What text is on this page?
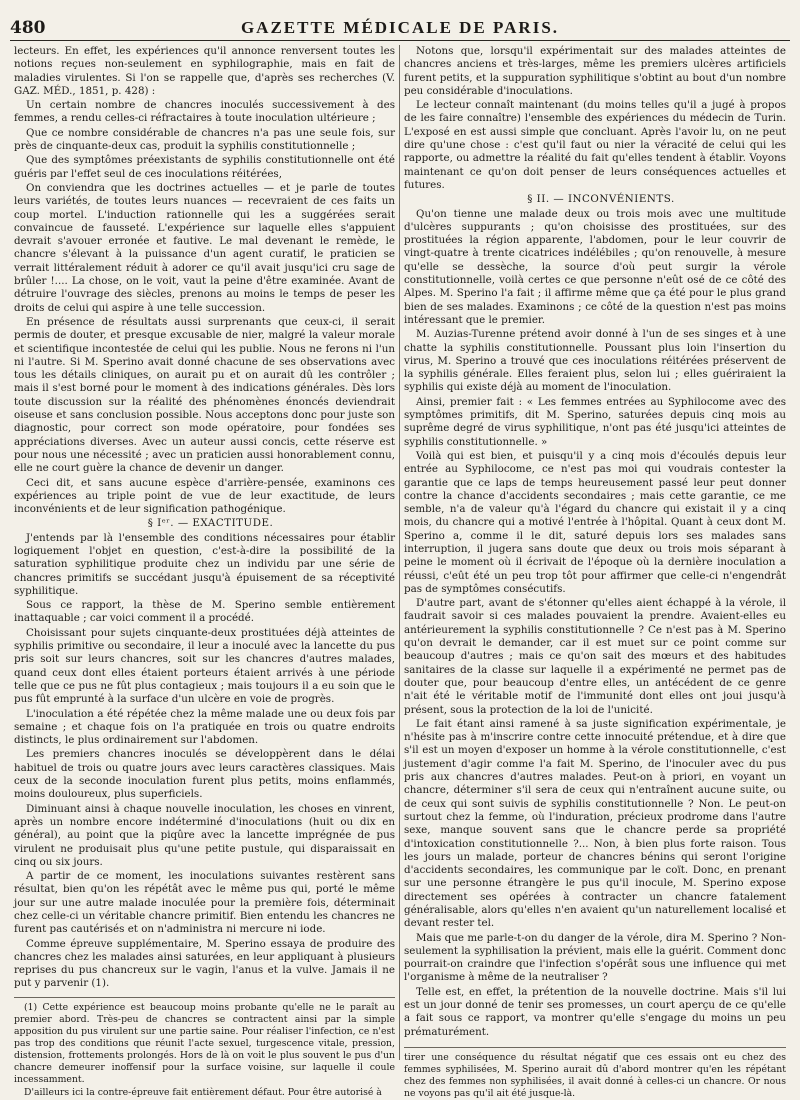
480	GAZETTE MÉDICALE DE PARIS.

lecteurs. En effet, les expériences qu'il annonce renversent toutes les notions reçues non-seulement en syphilographie, mais en fait de maladies virulentes. Si l'on se rappelle que, d'après ses recherches (V. GAZ. MÉD., 1851, p. 428) :

Un certain nombre de chancres inoculés successivement à des femmes, a rendu celles-ci réfractaires à toute inoculation ultérieure ;

Que ce nombre considérable de chancres n'a pas une seule fois, sur près de cinquante-deux cas, produit la syphilis constitutionnelle ;

Que des symptômes préexistants de syphilis constitutionnelle ont été guéris par l'effet seul de ces inoculations réitérées,

On conviendra que les doctrines actuelles — et je parle de toutes leurs variétés, de toutes leurs nuances — recevraient de ces faits un coup mortel. L'induction rationnelle qui les a suggérées serait convaincue de fausseté. L'expérience sur laquelle elles s'appuient devrait s'avouer erronée et fautive. Le mal devenant le remède, le chancre s'élevant à la puissance d'un agent curatif, le praticien se verrait littéralement réduit à adorer ce qu'il avait jusqu'ici cru sage de brûler !.... La chose, on le voit, vaut la peine d'être examinée. Avant de détruire l'ouvrage des siècles, prenons au moins le temps de peser les droits de celui qui aspire à une telle succession.

En présence de résultats aussi surprenants que ceux-ci, il serait permis de douter, et presque excusable de nier, malgré la valeur morale et scientifique incontestée de celui qui les publie. Nous ne ferons ni l'un ni l'autre. Si M. Sperino avait donné chacune de ses observations avec tous les détails cliniques, on aurait pu et on aurait dû les contrôler ; mais il s'est borné pour le moment à des indications générales. Dès lors toute discussion sur la réalité des phénomènes énoncés deviendrait oiseuse et sans conclusion possible. Nous acceptons donc pour juste son diagnostic, pour correct son mode opératoire, pour fondées ses appréciations diverses. Avec un auteur aussi concis, cette réserve est pour nous une nécessité ; avec un praticien aussi honorablement connu, elle ne court guère la chance de devenir un danger.

Ceci dit, et sans aucune espèce d'arrière-pensée, examinons ces expériences au triple point de vue de leur exactitude, de leurs inconvénients et de leur signification pathogénique.

§ Iᵉʳ. — EXACTITUDE.

J'entends par là l'ensemble des conditions nécessaires pour établir logiquement l'objet en question, c'est-à-dire la possibilité de la saturation syphilitique produite chez un individu par une série de chancres primitifs se succédant jusqu'à épuisement de sa réceptivité syphilitique.

Sous ce rapport, la thèse de M. Sperino semble entièrement inattaquable ; car voici comment il a procédé.

Choisissant pour sujets cinquante-deux prostituées déjà atteintes de syphilis primitive ou secondaire, il leur a inoculé avec la lancette du pus pris soit sur leurs chancres, soit sur les chancres d'autres malades, quand ceux dont elles étaient porteurs étaient arrivés à une période telle que ce pus ne fût plus contagieux ; mais toujours il a eu soin que le pus fût emprunté à la surface d'un ulcère en voie de progrès.

L'inoculation a été répétée chez la même malade une ou deux fois par semaine ; et chaque fois on l'a pratiquée en trois ou quatre endroits distincts, le plus ordinairement sur l'abdomen.

Les premiers chancres inoculés se développèrent dans le délai habituel de trois ou quatre jours avec leurs caractères classiques. Mais ceux de la seconde inoculation furent plus petits, moins enflammés, moins douloureux, plus superficiels.

Diminuant ainsi à chaque nouvelle inoculation, les choses en vinrent, après un nombre encore indéterminé d'inoculations (huit ou dix en général), au point que la piqûre avec la lancette imprégnée de pus virulent ne produisait plus qu'une petite pustule, qui disparaissait en cinq ou six jours.

A partir de ce moment, les inoculations suivantes restèrent sans résultat, bien qu'on les répétât avec le même pus qui, porté le même jour sur une autre malade inoculée pour la première fois, déterminait chez celle-ci un véritable chancre primitif. Bien entendu les chancres ne furent pas cautérisés et on n'administra ni mercure ni iode.

Comme épreuve supplémentaire, M. Sperino essaya de produire des chancres chez les malades ainsi saturées, en leur appliquant à plusieurs reprises du pus chancreux sur le vagin, l'anus et la vulve. Jamais il ne put y parvenir (1).

(1) Cette expérience est beaucoup moins probante qu'elle ne le paraît au premier abord. Très-peu de chancres se contractent ainsi par la simple apposition du pus virulent sur une partie saine. Pour réaliser l'infection, ce n'est pas trop des conditions que réunit l'acte sexuel, turgescence vitale, pression, distension, frottements prolongés. Hors de là on voit le plus souvent le pus d'un chancre demeurer inoffensif pour la surface voisine, sur laquelle il coule incessamment.

D'ailleurs ici la contre-épreuve fait entièrement défaut. Pour être autorisé à

Notons que, lorsqu'il expérimentait sur des malades atteintes de chancres anciens et très-larges, même les premiers ulcères artificiels furent petits, et la suppuration syphilitique s'obtint au bout d'un nombre peu considérable d'inoculations.

Le lecteur connaît maintenant (du moins telles qu'il a jugé à propos de les faire connaître) l'ensemble des expériences du médecin de Turin. L'exposé en est aussi simple que concluant. Après l'avoir lu, on ne peut dire qu'une chose : c'est qu'il faut ou nier la véracité de celui qui les rapporte, ou admettre la réalité du fait qu'elles tendent à établir. Voyons maintenant ce qu'on doit penser de leurs conséquences actuelles et futures.

§ II. — INCONVÉNIENTS.

Qu'on tienne une malade deux ou trois mois avec une multitude d'ulcères suppurants ; qu'on choisisse des prostituées, sur des prostituées la région apparente, l'abdomen, pour le leur couvrir de vingt-quatre à trente cicatrices indélébiles ; qu'on renouvelle, à mesure qu'elle se dessèche, la source d'où peut surgir la vérole constitutionnelle, voilà certes ce que personne n'eût osé de ce côté des Alpes. M. Sperino l'a fait ; il affirme même que ça été pour le plus grand bien de ses malades. Examinons ; ce côté de la question n'est pas moins intéressant que le premier.

M. Auzias-Turenne prétend avoir donné à l'un de ses singes et à une chatte la syphilis constitutionnelle. Poussant plus loin l'insertion du virus, M. Sperino a trouvé que ces inoculations réitérées préservent de la syphilis générale. Elles feraient plus, selon lui ; elles guériraient la syphilis qui existe déjà au moment de l'inoculation.

Ainsi, premier fait : « Les femmes entrées au Syphilocome avec des symptômes primitifs, dit M. Sperino, saturées depuis cinq mois au suprême degré de virus syphilitique, n'ont pas été jusqu'ici atteintes de syphilis constitutionnelle. »

Voilà qui est bien, et puisqu'il y a cinq mois d'écoulés depuis leur entrée au Syphilocome, ce n'est pas moi qui voudrais contester la garantie que ce laps de temps heureusement passé leur peut donner contre la chance d'accidents secondaires ; mais cette garantie, ce me semble, n'a de valeur qu'à l'égard du chancre qui existait il y a cinq mois, du chancre qui a motivé l'entrée à l'hôpital. Quant à ceux dont M. Sperino a, comme il le dit, saturé depuis lors ses malades sans interruption, il jugera sans doute que deux ou trois mois séparant à peine le moment où il écrivait de l'époque où la dernière inoculation a réussi, c'eût été un peu trop tôt pour affirmer que celle-ci n'engendrât pas de symptômes consécutifs.

D'autre part, avant de s'étonner qu'elles aient échappé à la vérole, il faudrait savoir si ces malades pouvaient la prendre. Avaient-elles eu antérieurement la syphilis constitutionnelle ? Ce n'est pas à M. Sperino qu'on devrait le demander, car il est muet sur ce point comme sur beaucoup d'autres ; mais ce qu'on sait des mœurs et des habitudes sanitaires de la classe sur laquelle il a expérimenté ne permet pas de douter que, pour beaucoup d'entre elles, un antécédent de ce genre n'ait été le véritable motif de l'immunité dont elles ont joui jusqu'à présent, sous la protection de la loi de l'unicité.

Le fait étant ainsi ramené à sa juste signification expérimentale, je n'hésite pas à m'inscrire contre cette innocuité prétendue, et à dire que s'il est un moyen d'exposer un homme à la vérole constitutionnelle, c'est justement d'agir comme l'a fait M. Sperino, de l'inoculer avec du pus pris aux chancres d'autres malades. Peut-on à priori, en voyant un chancre, déterminer s'il sera de ceux qui n'entraînent aucune suite, ou de ceux qui sont suivis de syphilis constitutionnelle ? Non. Le peut-on surtout chez la femme, où l'induration, précieux prodrome dans l'autre sexe, manque souvent sans que le chancre perde sa propriété d'intoxication constitutionnelle ?... Non, à bien plus forte raison. Tous les jours un malade, porteur de chancres bénins qui seront l'origine d'accidents secondaires, les communique par le coït. Donc, en prenant sur une personne étrangère le pus qu'il inocule, M. Sperino expose directement ses opérées à contracter un chancre fatalement généralisable, alors qu'elles n'en avaient qu'un naturellement localisé et devant rester tel.

Mais que me parle-t-on du danger de la vérole, dira M. Sperino ? Non-seulement la syphilisation la prévient, mais elle la guérit. Comment donc pourrait-on craindre que l'infection s'opérât sous une influence qui met l'organisme à même de la neutraliser ?

Telle est, en effet, la prétention de la nouvelle doctrine. Mais s'il lui est un jour donné de tenir ses promesses, un court aperçu de ce qu'elle a fait sous ce rapport, va montrer qu'elle s'engage du moins un peu prématurément.

tirer une conséquence du résultat négatif que ces essais ont eu chez des femmes syphilisées, M. Sperino aurait dû d'abord montrer qu'en les répétant chez des femmes non syphilisées, il avait donné à celles-ci un chancre. Or nous ne voyons pas qu'il ait été jusque-là.
